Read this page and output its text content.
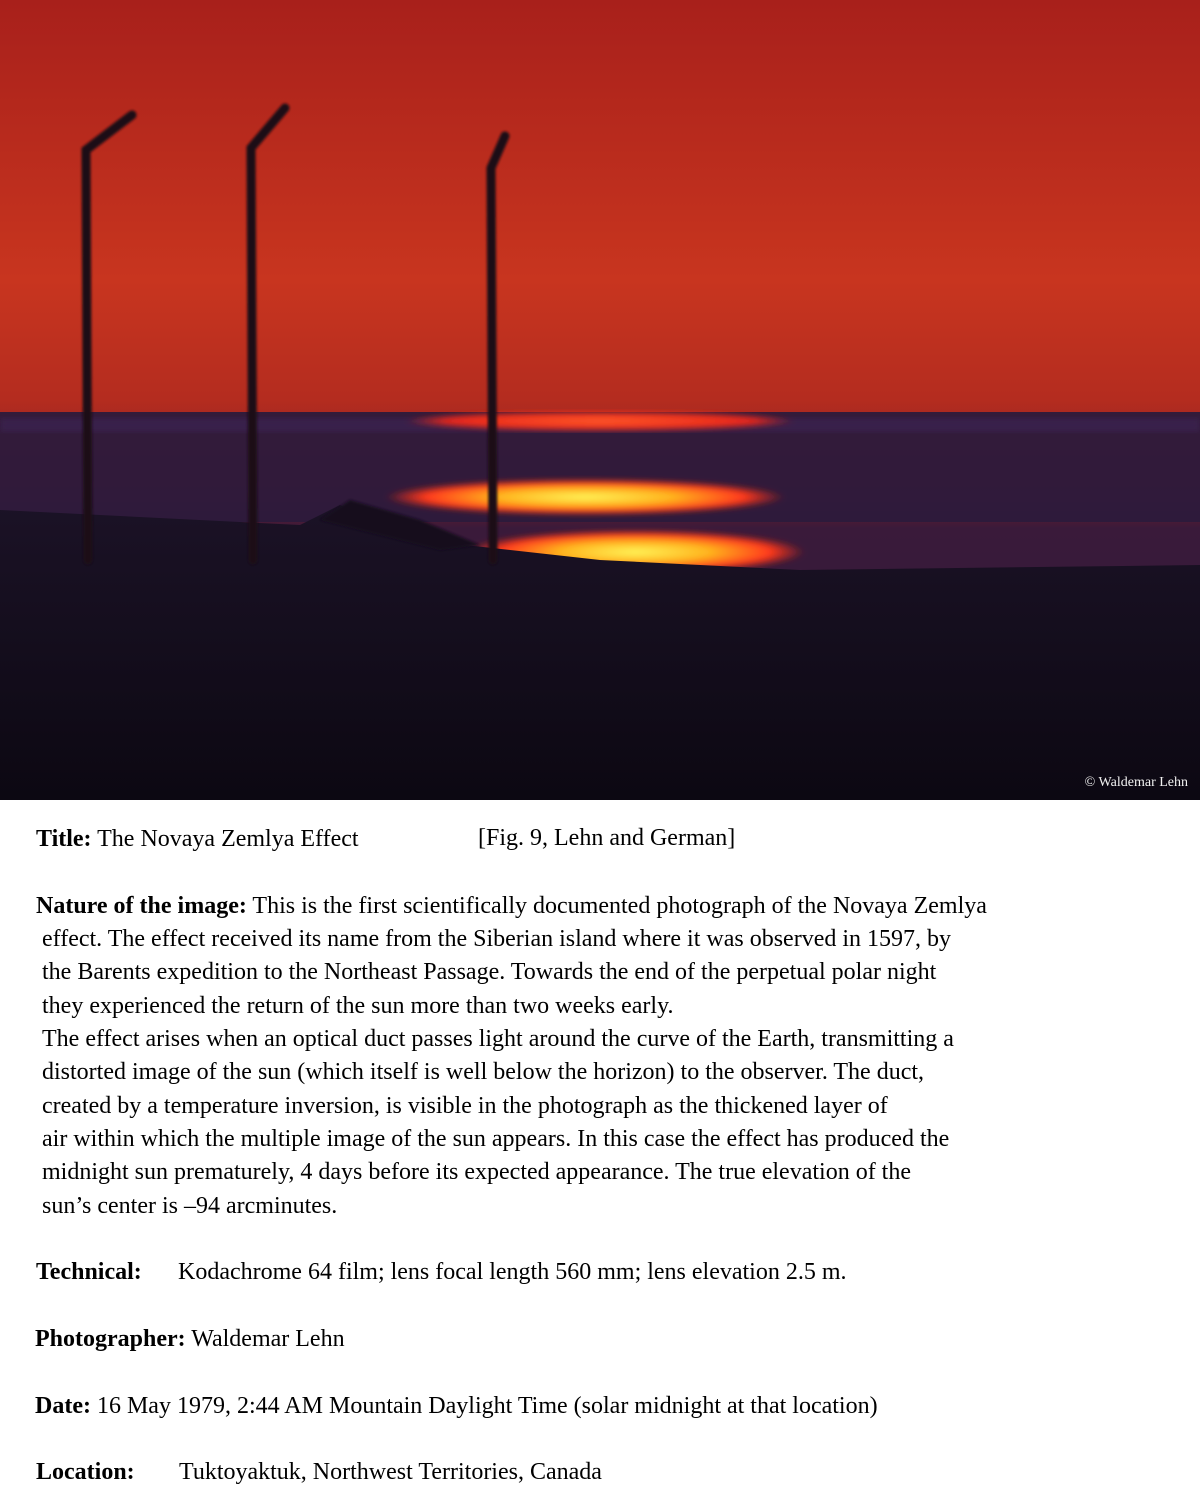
© Waldemar Lehn
Title: The Novaya Zemlya Effect	[Fig. 9, Lehn and German]
Nature of the image: This is the first scientifically documented photograph of the Novaya Zemlya
effect. The effect received its name from the Siberian island where it was observed in 1597, by
the Barents expedition to the Northeast Passage. Towards the end of the perpetual polar night
they experienced the return of the sun more than two weeks early.
The effect arises when an optical duct passes light around the curve of the Earth, transmitting a
distorted image of the sun (which itself is well below the horizon) to the observer. The duct,
created by a temperature inversion, is visible in the photograph as the thickened layer of
air within which the multiple image of the sun appears. In this case the effect has produced the
midnight sun prematurely, 4 days before its expected appearance. The true elevation of the
sun’s center is –94 arcminutes.
Technical: Kodachrome 64 film; lens focal length 560 mm; lens elevation 2.5 m.
Photographer: Waldemar Lehn
Date: 16 May 1979, 2:44 AM Mountain Daylight Time (solar midnight at that location)
Location: Tuktoyaktuk, Northwest Territories, Canada
